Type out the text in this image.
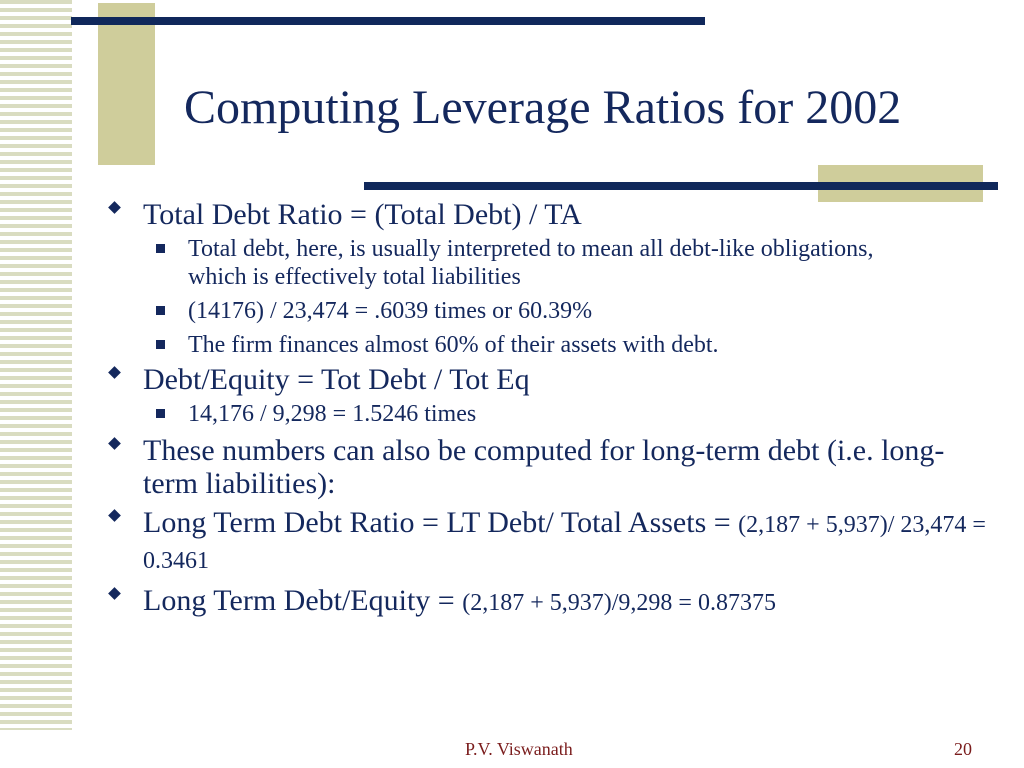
Computing Leverage Ratios for 2002
Total Debt Ratio = (Total Debt) / TA
Total debt, here, is usually interpreted to mean all debt-like obligations, which is effectively total liabilities
(14176) / 23,474 = .6039 times or 60.39%
The firm finances almost 60% of their assets with debt.
Debt/Equity = Tot Debt / Tot Eq
14,176 / 9,298 = 1.5246 times
These numbers can also be computed for long-term debt (i.e. long-term liabilities):
Long Term Debt Ratio = LT Debt/ Total Assets = (2,187 + 5,937)/ 23,474 = 0.3461
Long Term Debt/Equity = (2,187 + 5,937)/9,298 = 0.87375
P.V. Viswanath	20
